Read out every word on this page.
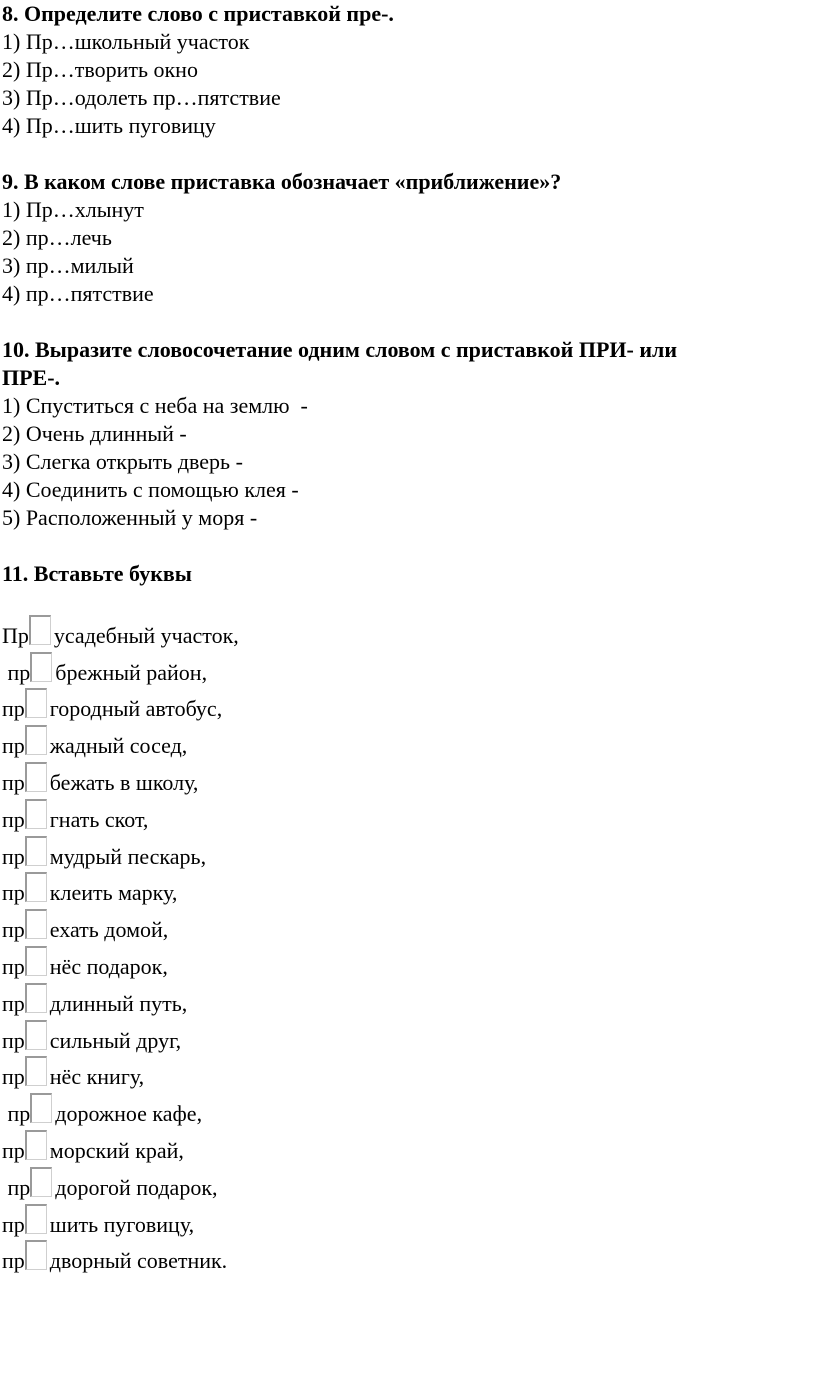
8. Определите слово с приставкой пре-.

1) Пр…школьный участок

2) Пр…творить окно

3) Пр…одолеть пр…пятствие

4) Пр…шить пуговицу

9. В каком слове приставка обозначает «приближение»?

1) Пр…хлынут

2) пр…лечь

3) пр…милый

4) пр…пятствие

10. Выразите словосочетание одним словом с приставкой ПРИ- или

ПРЕ-.

1) Спуститься с неба на землю  -

2) Очень длинный -

3) Слегка открыть дверь -

4) Соединить с помощью клея -

5) Расположенный у моря -

11. Вставьте буквы

Пр усадебный участок,
пр брежный район,
пр городный автобус,
пр жадный сосед,
пр бежать в школу,
пр гнать скот,
пр мудрый пескарь,
пр клеить марку,
пр ехать домой,
пр нёс подарок,
пр длинный путь,
пр сильный друг,
пр нёс книгу,
пр дорожное кафе,
пр морский край,
пр дорогой подарок,
пр шить пуговицу,
пр дворный советник.
